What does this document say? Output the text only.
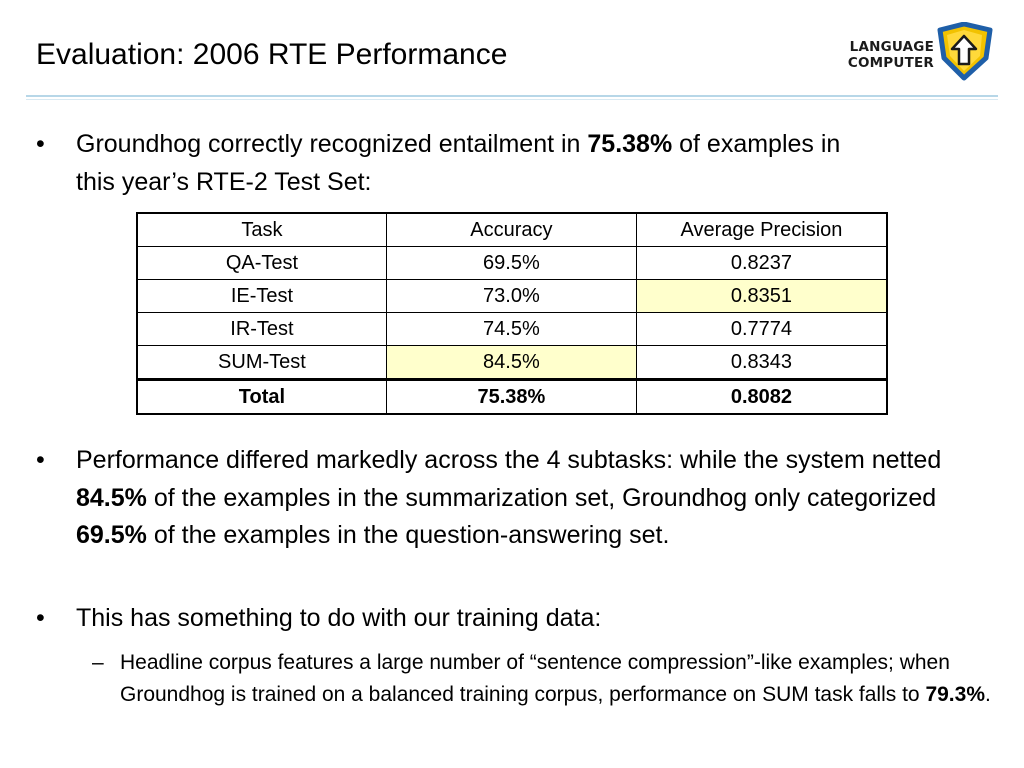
Evaluation: 2006 RTE Performance	LANGUAGE
COMPUTER
• Groundhog correctly recognized entailment in 75.38% of examples in this year’s RTE-2 Test Set:
Task	Accuracy	Average Precision
QA-Test	69.5%	0.8237
IE-Test	73.0%	0.8351
IR-Test	74.5%	0.7774
SUM-Test	84.5%	0.8343
Total	75.38%	0.8082
• Performance differed markedly across the 4 subtasks: while the system netted 84.5% of the examples in the summarization set, Groundhog only categorized 69.5% of the examples in the question-answering set.
• This has something to do with our training data:
– Headline corpus features a large number of “sentence compression”-like examples; when Groundhog is trained on a balanced training corpus, performance on SUM task falls to 79.3%.
